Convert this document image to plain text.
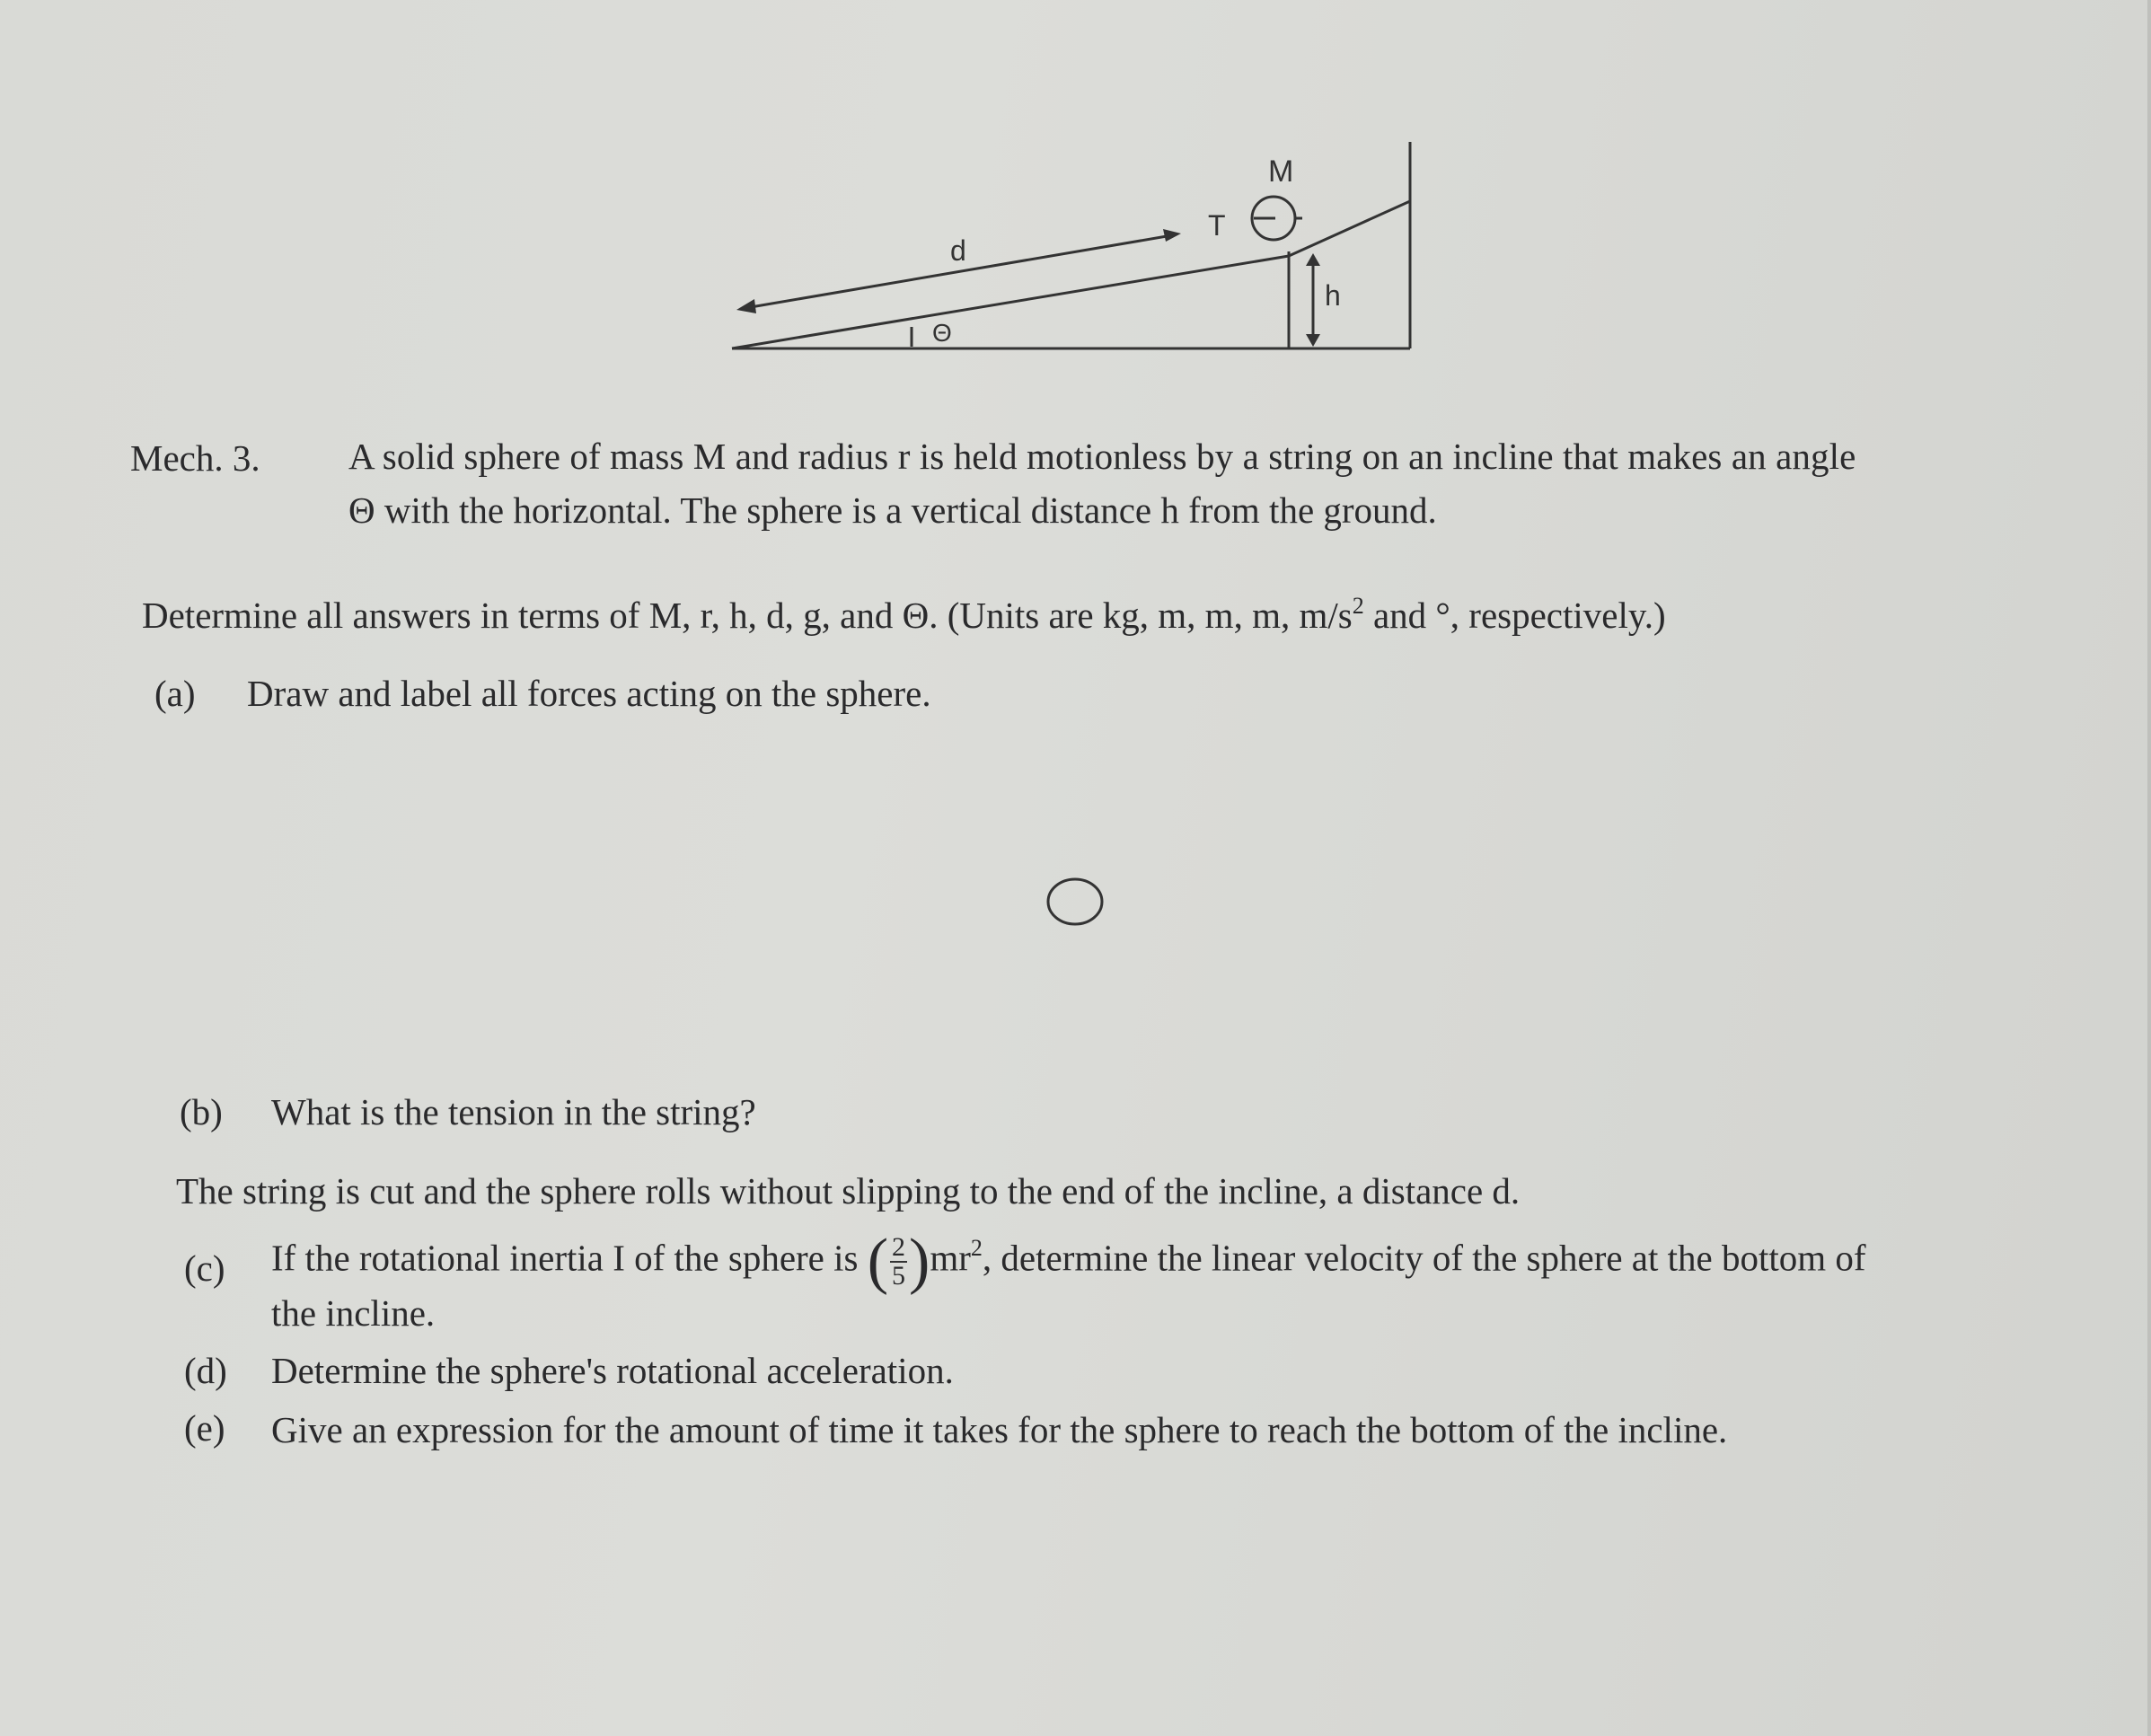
M
T
d
h
Θ
Mech. 3. A solid sphere of mass M and radius r is held motionless by a string on an incline that makes an angle
Θ with the horizontal. The sphere is a vertical distance h from the ground.
Determine all answers in terms of M, r, h, d, g, and Θ. (Units are kg, m, m, m, $m/s^2$ and °, respectively.)
(a) Draw and label all forces acting on the sphere.
(b) What is the tension in the string?
The string is cut and the sphere rolls without slipping to the end of the incline, a distance d.
(c) If the rotational inertia I of the sphere is ( $\frac{2}{5} )mr^2$, determine the linear velocity of the sphere at the bottom of
the incline.
(d) Determine the sphere's rotational acceleration.
(e) Give an expression for the amount of time it takes for the sphere to reach the bottom of the incline.
